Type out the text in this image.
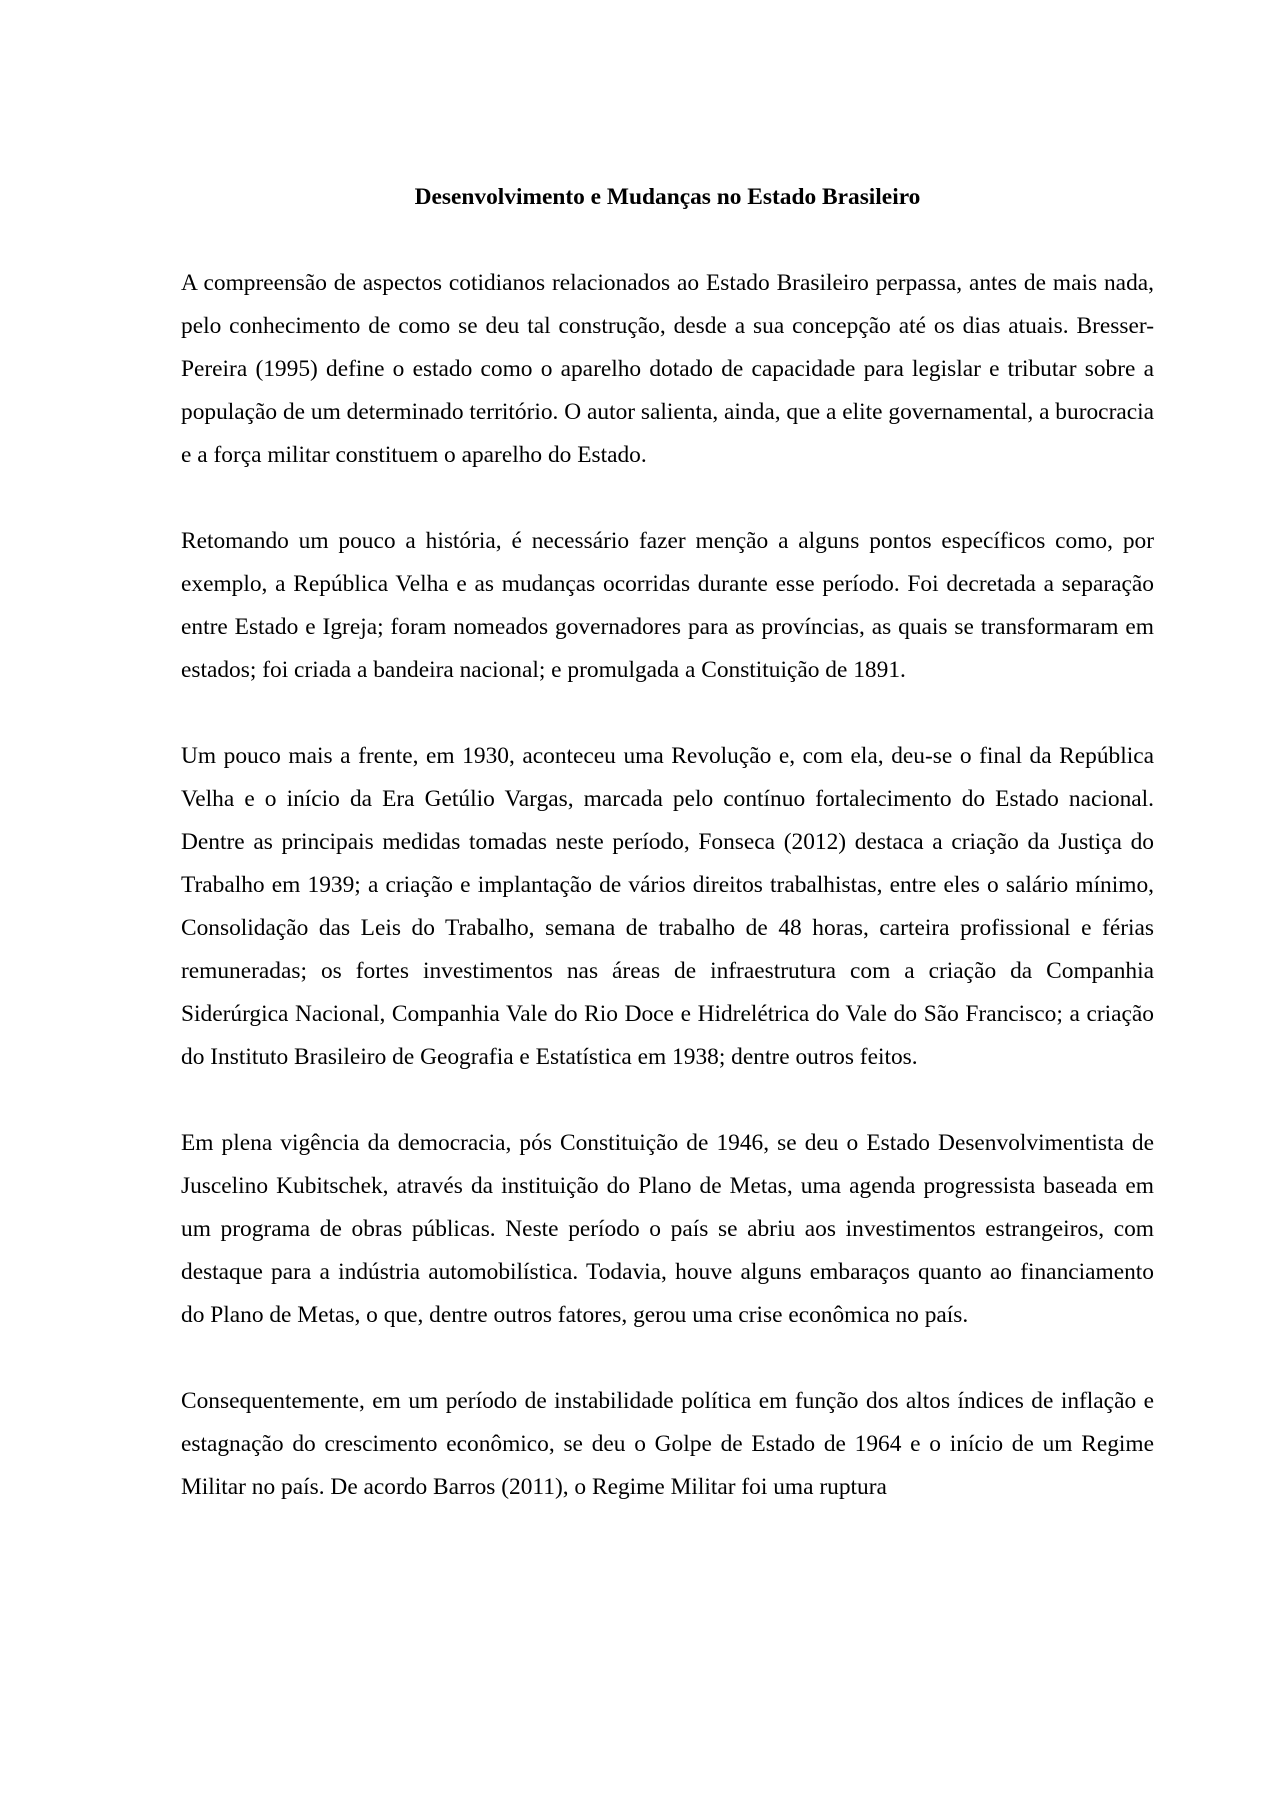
Desenvolvimento e Mudanças no Estado Brasileiro

A compreensão de aspectos cotidianos relacionados ao Estado Brasileiro perpassa, antes de mais nada, pelo conhecimento de como se deu tal construção, desde a sua concepção até os dias atuais. Bresser-Pereira (1995) define o estado como o aparelho dotado de capacidade para legislar e tributar sobre a população de um determinado território. O autor salienta, ainda, que a elite governamental, a burocracia e a força militar constituem o aparelho do Estado.

Retomando um pouco a história, é necessário fazer menção a alguns pontos específicos como, por exemplo, a República Velha e as mudanças ocorridas durante esse período. Foi decretada a separação entre Estado e Igreja; foram nomeados governadores para as províncias, as quais se transformaram em estados; foi criada a bandeira nacional; e promulgada a Constituição de 1891.

Um pouco mais a frente, em 1930, aconteceu uma Revolução e, com ela, deu-se o final da República Velha e o início da Era Getúlio Vargas, marcada pelo contínuo fortalecimento do Estado nacional. Dentre as principais medidas tomadas neste período, Fonseca (2012) destaca a criação da Justiça do Trabalho em 1939; a criação e implantação de vários direitos trabalhistas, entre eles o salário mínimo, Consolidação das Leis do Trabalho, semana de trabalho de 48 horas, carteira profissional e férias remuneradas; os fortes investimentos nas áreas de infraestrutura com a criação da Companhia Siderúrgica Nacional, Companhia Vale do Rio Doce e Hidrelétrica do Vale do São Francisco; a criação do Instituto Brasileiro de Geografia e Estatística em 1938; dentre outros feitos.

Em plena vigência da democracia, pós Constituição de 1946, se deu o Estado Desenvolvimentista de Juscelino Kubitschek, através da instituição do Plano de Metas, uma agenda progressista baseada em um programa de obras públicas. Neste período o país se abriu aos investimentos estrangeiros, com destaque para a indústria automobilística. Todavia, houve alguns embaraços quanto ao financiamento do Plano de Metas, o que, dentre outros fatores, gerou uma crise econômica no país.

Consequentemente, em um período de instabilidade política em função dos altos índices de inflação e estagnação do crescimento econômico, se deu o Golpe de Estado de 1964 e o início de um Regime Militar no país. De acordo Barros (2011), o Regime Militar foi uma ruptura
